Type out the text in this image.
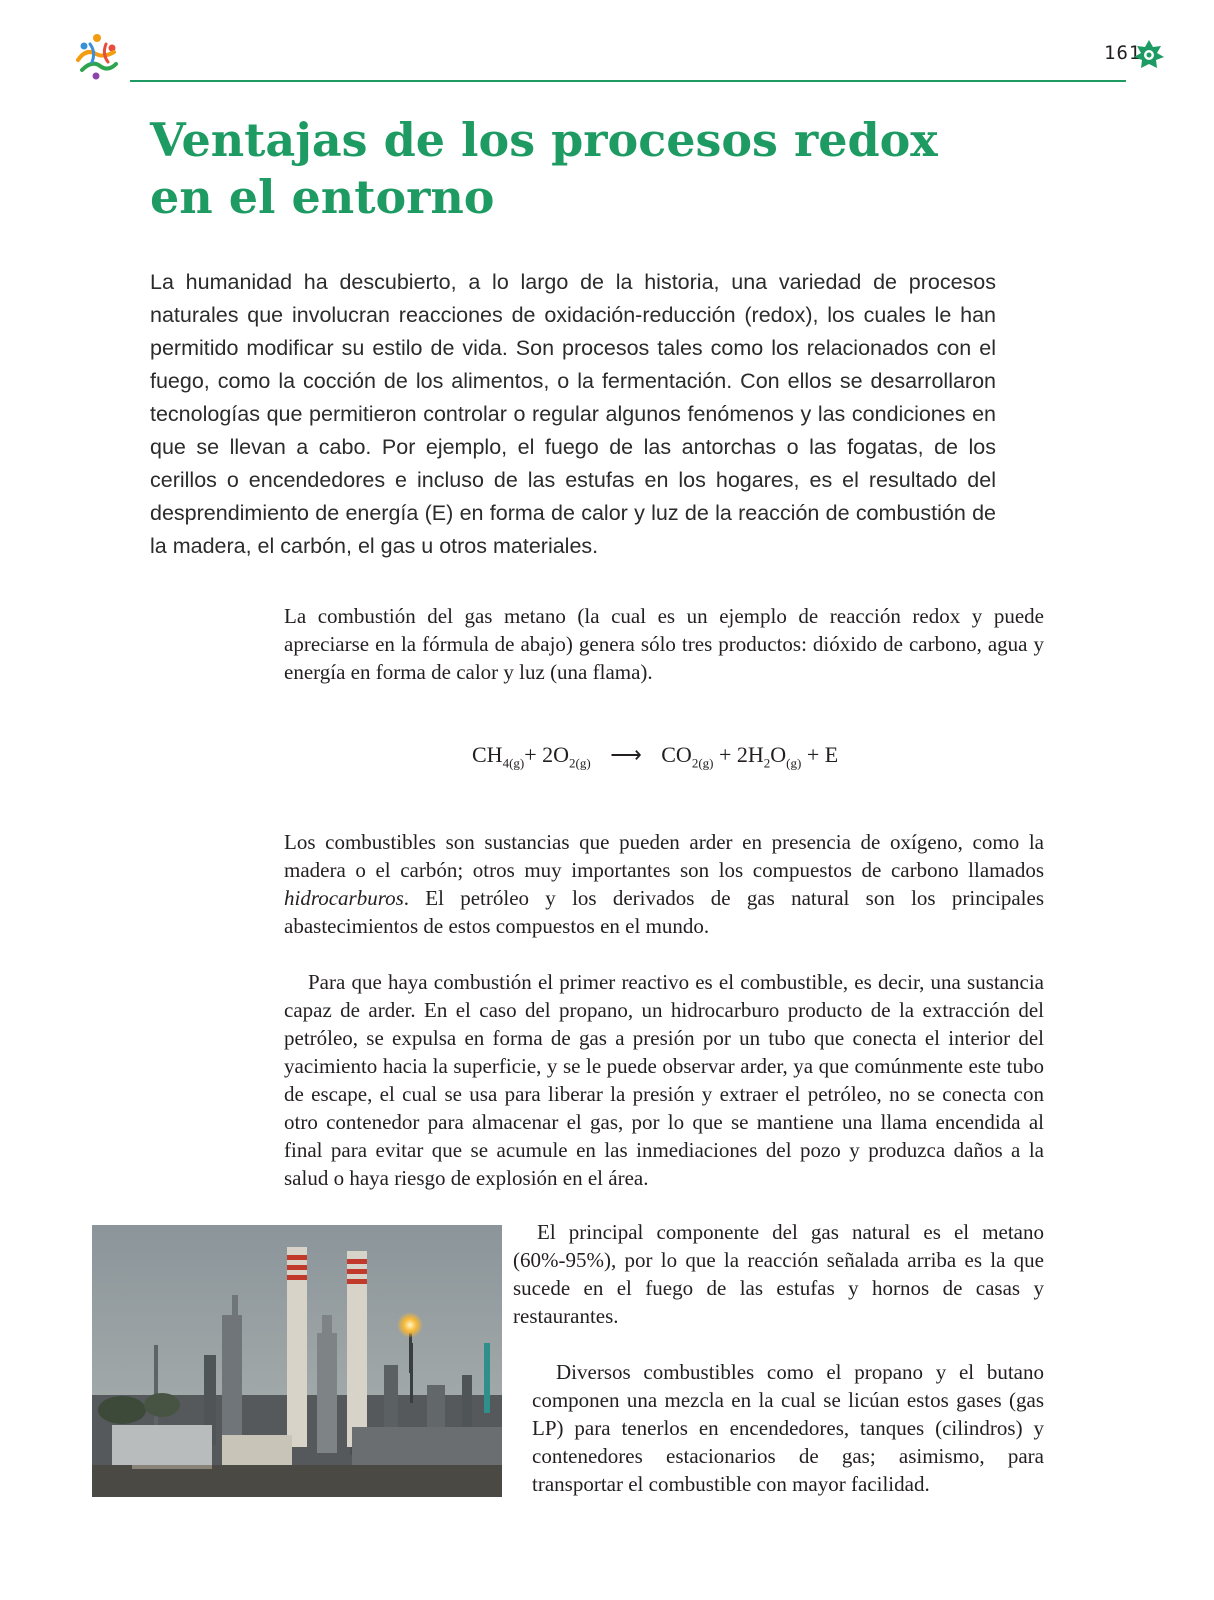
161
Ventajas de los procesos redox
en el entorno

La humanidad ha descubierto, a lo largo de la historia, una variedad de procesos naturales que involucran reacciones de oxidación-reducción (redox), los cuales le han permitido modificar su estilo de vida. Son procesos tales como los relacionados con el fuego, como la cocción de los alimentos, o la fermentación. Con ellos se desarrollaron tecnologías que permitieron controlar o regular algunos fenómenos y las condiciones en que se llevan a cabo. Por ejemplo, el fuego de las antorchas o las fogatas, de los cerillos o encendedores e incluso de las estufas en los hogares, es el resultado del desprendimiento de energía (E) en forma de calor y luz de la reacción de combustión de la madera, el carbón, el gas u otros materiales.

La combustión del gas metano (la cual es un ejemplo de reacción redox y puede apreciarse en la fórmula de abajo) genera sólo tres productos: dióxido de carbono, agua y energía en forma de calor y luz (una flama).

$CH_{4(g)}+ 2O_{2(g)}$ ⟶ $CO_{2(g)} + 2H_2O_{(g)} + E$

Los combustibles son sustancias que pueden arder en presencia de oxígeno, como la madera o el carbón; otros muy importantes son los compuestos de carbono llamados hidrocarburos. El petróleo y los derivados de gas natural son los principales abastecimientos de estos compuestos en el mundo.

Para que haya combustión el primer reactivo es el combustible, es decir, una sustancia capaz de arder. En el caso del propano, un hidrocarburo producto de la extracción del petróleo, se expulsa en forma de gas a presión por un tubo que conecta el interior del yacimiento hacia la superficie, y se le puede observar arder, ya que comúnmente este tubo de escape, el cual se usa para liberar la presión y extraer el petróleo, no se conecta con otro contenedor para almacenar el gas, por lo que se mantiene una llama encendida al final para evitar que se acumule en las inmediaciones del pozo y produzca daños a la salud o haya riesgo de explosión en el área.

El principal componente del gas natural es el metano (60%-95%), por lo que la reacción señalada arriba es la que sucede en el fuego de las estufas y hornos de casas y restaurantes.

Diversos combustibles como el propano y el butano componen una mezcla en la cual se licúan estos gases (gas LP) para tenerlos en encendedores, tanques (cilindros) y contenedores estacionarios de gas; asimismo, para transportar el combustible con mayor facilidad.
